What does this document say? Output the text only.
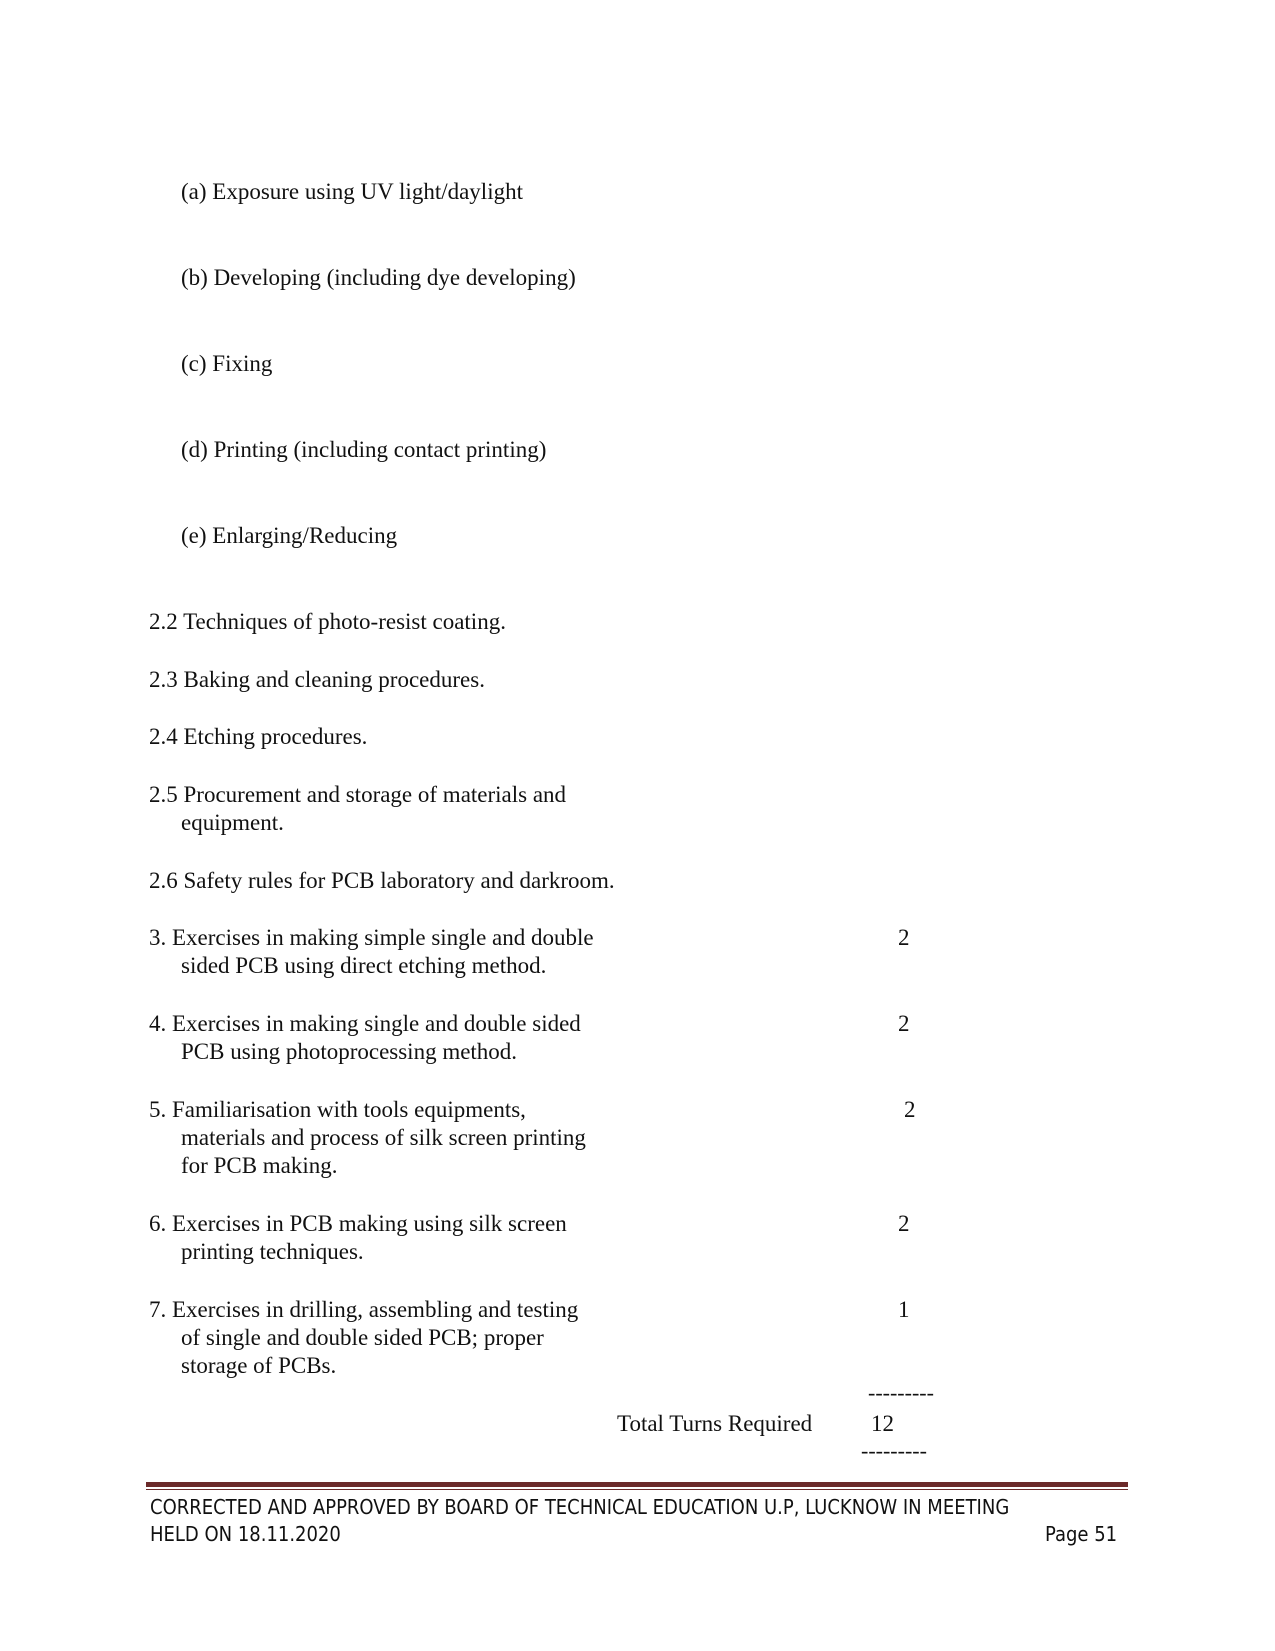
(a) Exposure using UV light/daylight
(b) Developing (including dye developing)
(c) Fixing
(d) Printing (including contact printing)
(e) Enlarging/Reducing
2.2 Techniques of photo-resist coating.
2.3 Baking and cleaning procedures.
2.4 Etching procedures.
2.5 Procurement and storage of materials and
equipment.
2.6 Safety rules for PCB laboratory and darkroom.
3. Exercises in making simple single and double
sided PCB using direct etching method.
2
4. Exercises in making single and double sided
PCB using photoprocessing method.
2
5. Familiarisation with tools equipments,
materials and process of silk screen printing
for PCB making.
2
6. Exercises in PCB making using silk screen
printing techniques.
2
7. Exercises in drilling, assembling and testing
of single and double sided PCB; proper
storage of PCBs.
1
---------
Total Turns Required	12
---------
CORRECTED AND APPROVED BY BOARD OF TECHNICAL EDUCATION U.P, LUCKNOW IN MEETING
HELD ON 18.11.2020	Page 51
